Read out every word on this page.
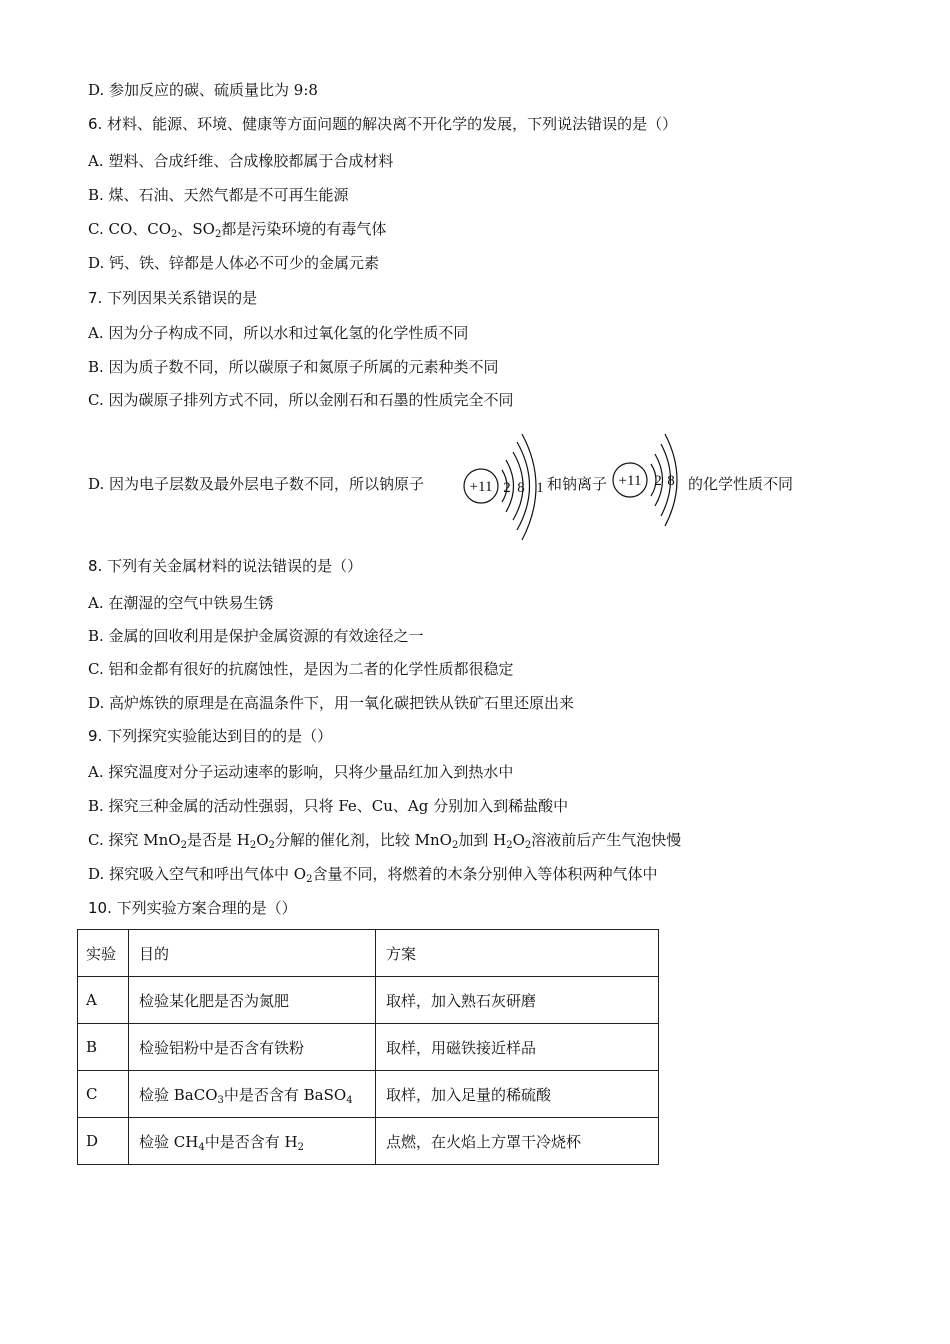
D. 参加反应的碳、硫质量比为 9:8
6. 材料、能源、环境、健康等方面问题的解决离不开化学的发展，下列说法错误的是（）
A. 塑料、合成纤维、合成橡胶都属于合成材料
B. 煤、石油、天然气都是不可再生能源
C. CO、$CO_2$、$SO_2$都是污染环境的有毒气体
D. 钙、铁、锌都是人体必不可少的金属元素
7. 下列因果关系错误的是
A. 因为分子构成不同，所以水和过氧化氢的化学性质不同
B. 因为质子数不同，所以碳原子和氮原子所属的元素种类不同
C. 因为碳原子排列方式不同，所以金刚石和石墨的性质完全不同
D. 因为电子层数及最外层电子数不同，所以钠原子	+11 2 8 1 和钠离子 +11 2 8 的化学性质不同
8. 下列有关金属材料的说法错误的是（）
A. 在潮湿的空气中铁易生锈
B. 金属的回收利用是保护金属资源的有效途径之一
C. 铝和金都有很好的抗腐蚀性，是因为二者的化学性质都很稳定
D. 高炉炼铁的原理是在高温条件下，用一氧化碳把铁从铁矿石里还原出来
9. 下列探究实验能达到目的的是（）
A. 探究温度对分子运动速率的影响，只将少量品红加入到热水中
B. 探究三种金属的活动性强弱，只将 Fe、Cu、Ag 分别加入到稀盐酸中
C. 探究 MnO$_2$是否是 $H_2O_2$分解的催化剂，比较 MnO$_2$加到 $H_2O_2$溶液前后产生气泡快慢
D. 探究吸入空气和呼出气体中 $O_2$含量不同，将燃着的木条分别伸入等体积两种气体中
10. 下列实验方案合理的是（）
实验	目的	方案
A	检验某化肥是否为氮肥	取样，加入熟石灰研磨
B	检验铝粉中是否含有铁粉	取样，用磁铁接近样品
C	检验 BaCO$_3$中是否含有 BaSO$_4$	取样，加入足量的稀硫酸
D	检验 $CH_4$中是否含有 $H_2$	点燃，在火焰上方罩干冷烧杯
